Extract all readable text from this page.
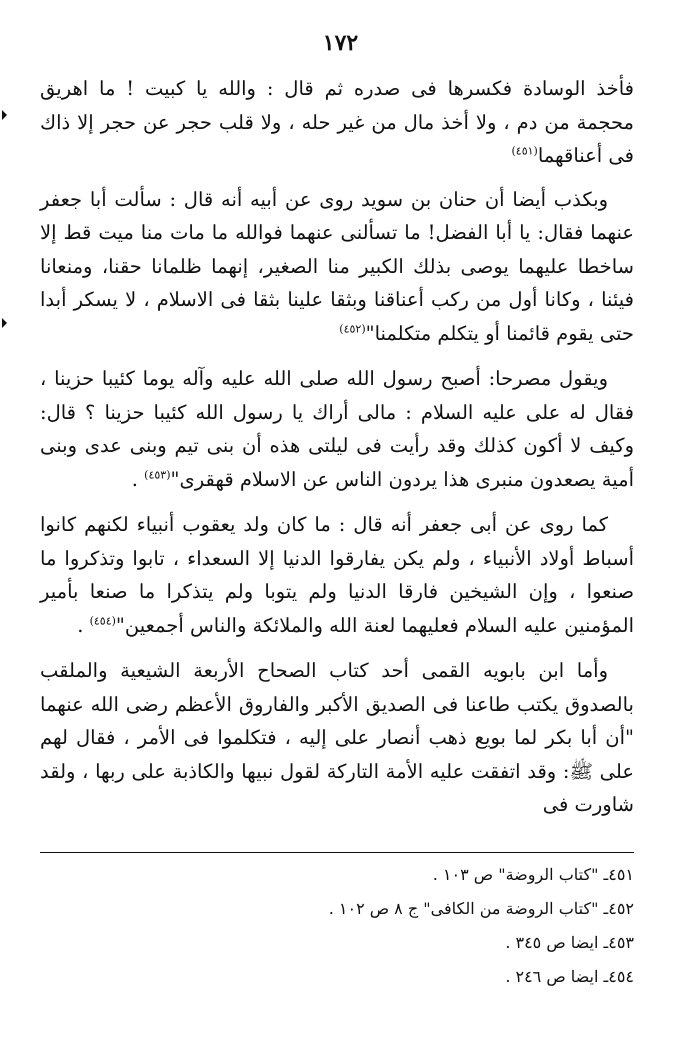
١٧٢

فأخذ الوسادة فكسرها فى صدره ثم قال : والله يا كبيت ! ما اهريق محجمة من دم ، ولا أخذ مال من غير حله ، ولا قلب حجر عن حجر إلا ذاك فى أعناقهما$^{(٤٥١)}$

وبكذب أيضا أن حنان بن سويد روى عن أبيه أنه قال : سألت أبا جعفر عنهما فقال: يا أبا الفضل! ما تسألنى عنهما فوالله ما مات منا ميت قط إلا ساخطا عليهما يوصى بذلك الكبير منا الصغير، إنهما ظلمانا حقنا، ومنعانا فيئنا ، وكانا أول من ركب أعناقنا وبثقا علينا بثقا فى الاسلام ، لا يسكر أبدا حتى يقوم قائمنا أو يتكلم متكلمنا"$^{(٤٥٢)}$

ويقول مصرحا: أصبح رسول الله صلى الله عليه وآله يوما كئيبا حزينا ، فقال له على عليه السلام : مالى أراك يا رسول الله كئيبا حزينا ؟ قال: وكيف لا أكون كذلك وقد رأيت فى ليلتى هذه أن بنى تيم وبنى عدى وبنى أمية يصعدون منبرى هذا يردون الناس عن الاسلام قهقرى"$^{(٤٥٣)}$ .

كما روى عن أبى جعفر أنه قال : ما كان ولد يعقوب أنبياء لكنهم كانوا أسباط أولاد الأنبياء ، ولم يكن يفارقوا الدنيا إلا السعداء ، تابوا وتذكروا ما صنعوا ، وإن الشيخين فارقا الدنيا ولم يتوبا ولم يتذكرا ما صنعا بأمير المؤمنين عليه السلام فعليهما لعنة الله والملائكة والناس أجمعين"$^{(٤٥٤)}$ .

وأما ابن بابويه القمى أحد كتاب الصحاح الأربعة الشيعية والملقب بالصدوق يكتب طاعنا فى الصديق الأكبر والفاروق الأعظم رضى الله عنهما "أن أبا بكر لما بويع ذهب أنصار على إليه ، فتكلموا فى الأمر ، فقال لهم على ﷺ: وقد اتفقت عليه الأمة التاركة لقول نبيها والكاذبة على ربها ، ولقد شاورت فى

٤٥١ـ "كتاب الروضة" ص ١٠٣ .
٤٥٢ـ "كتاب الروضة من الكافى" ج ٨ ص ١٠٢ .
٤٥٣ـ ايضا ص ٣٤٥ .
٤٥٤ـ ايضا ص ٢٤٦ .
